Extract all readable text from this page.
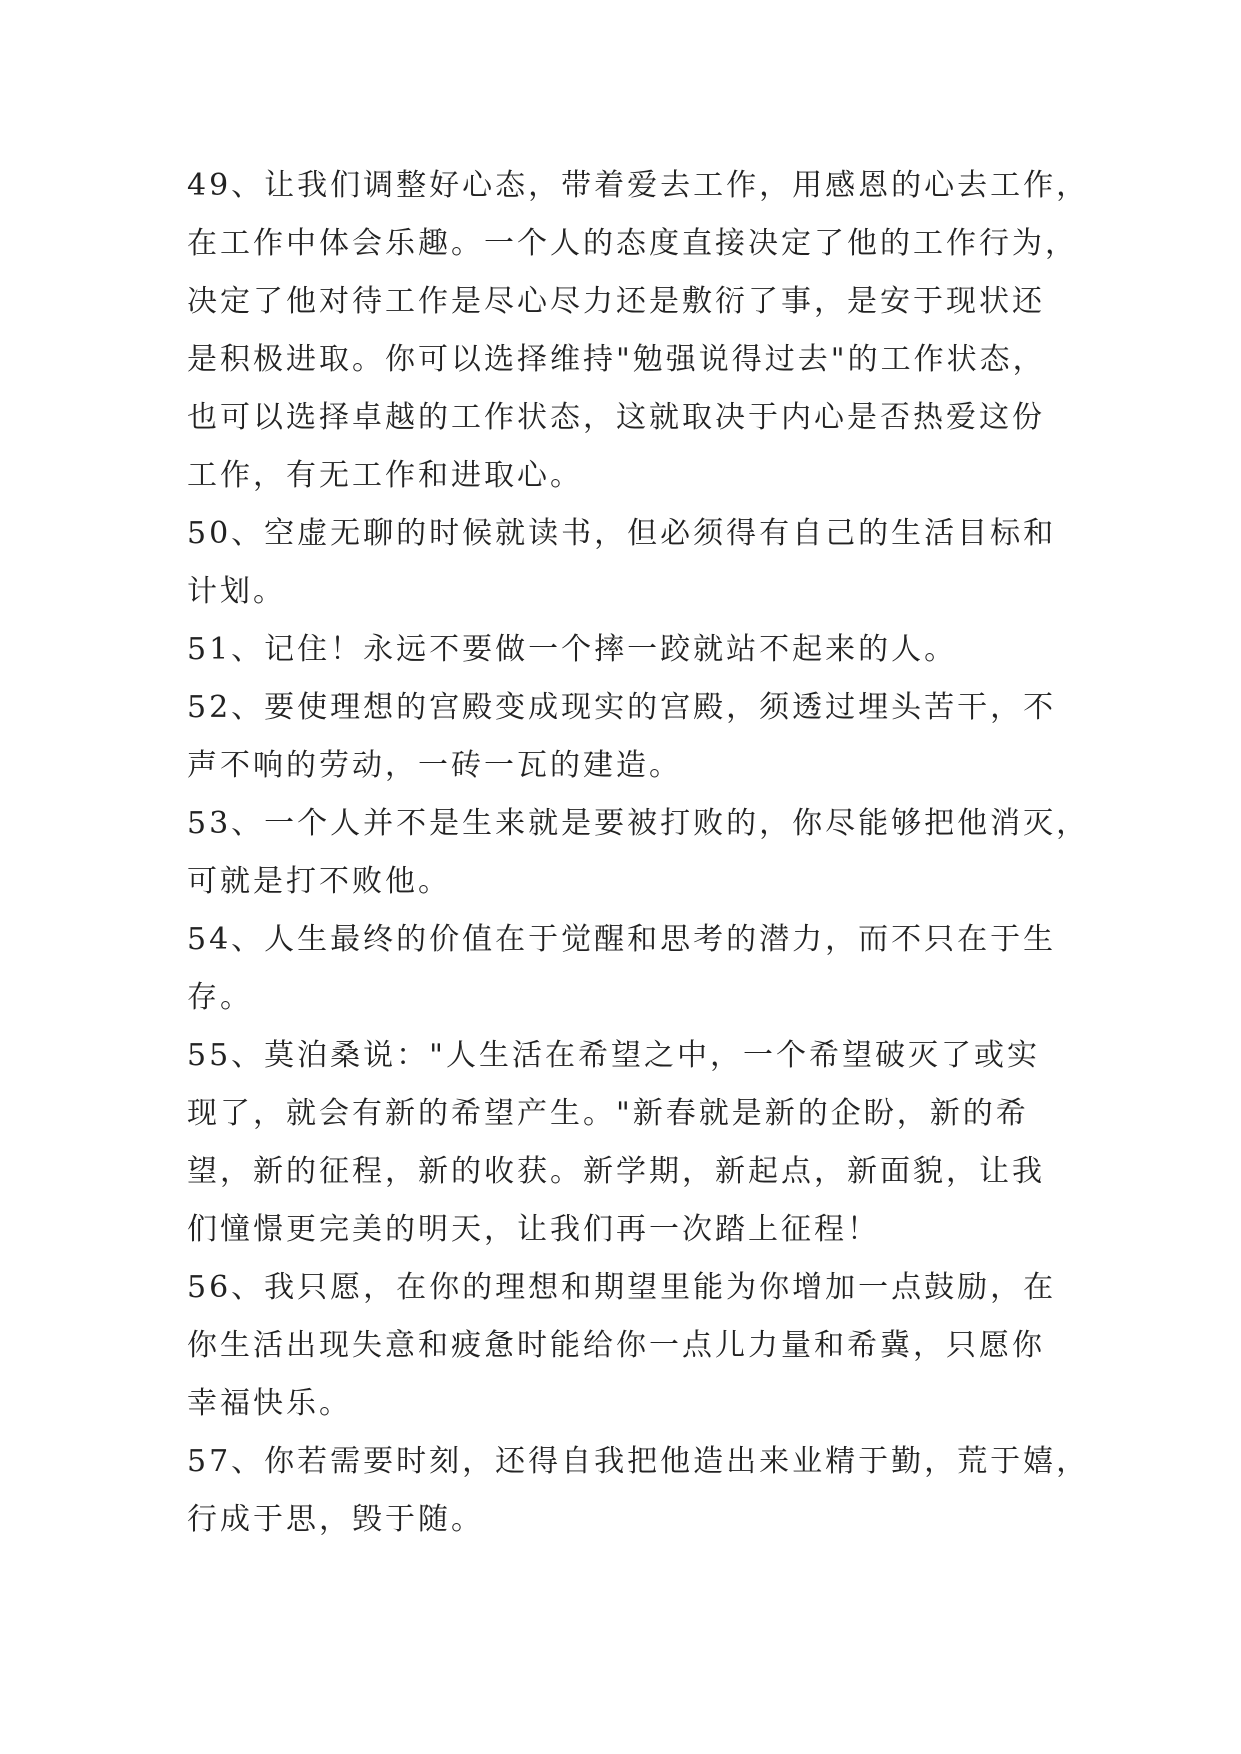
49、让我们调整好心态，带着爱去工作，用感恩的心去工作，
在工作中体会乐趣。一个人的态度直接决定了他的工作行为，
决定了他对待工作是尽心尽力还是敷衍了事，是安于现状还
是积极进取。你可以选择维持"勉强说得过去"的工作状态，
也可以选择卓越的工作状态，这就取决于内心是否热爱这份
工作，有无工作和进取心。
50、空虚无聊的时候就读书，但必须得有自己的生活目标和
计划。
51、记住！永远不要做一个摔一跤就站不起来的人。
52、要使理想的宫殿变成现实的宫殿，须透过埋头苦干，不
声不响的劳动，一砖一瓦的建造。
53、一个人并不是生来就是要被打败的，你尽能够把他消灭，
可就是打不败他。
54、人生最终的价值在于觉醒和思考的潜力，而不只在于生
存。
55、莫泊桑说："人生活在希望之中，一个希望破灭了或实
现了，就会有新的希望产生。"新春就是新的企盼，新的希
望，新的征程，新的收获。新学期，新起点，新面貌，让我
们憧憬更完美的明天，让我们再一次踏上征程！
56、我只愿，在你的理想和期望里能为你增加一点鼓励，在
你生活出现失意和疲惫时能给你一点儿力量和希冀，只愿你
幸福快乐。
57、你若需要时刻，还得自我把他造出来业精于勤，荒于嬉，
行成于思，毁于随。
